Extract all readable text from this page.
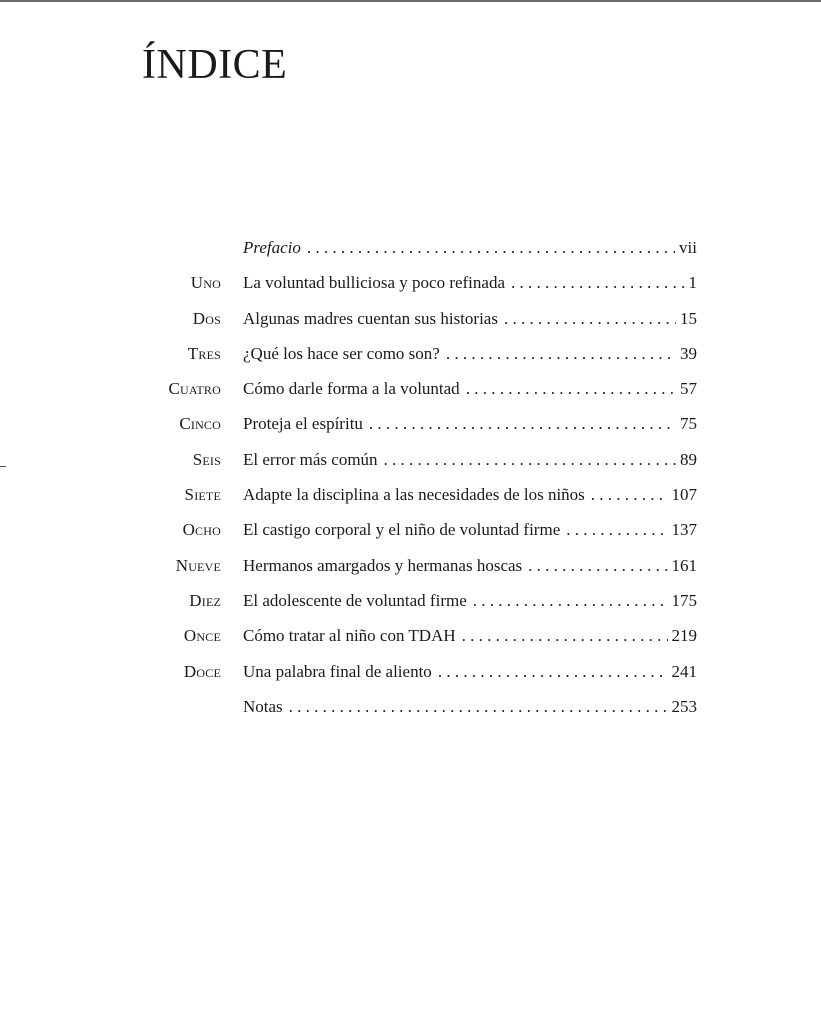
ÍNDICE
Prefacio . . .	vii
Uno La voluntad bulliciosa y poco refinada . . .	1
Dos Algunas madres cuentan sus historias . . .	15
Tres ¿Qué los hace ser como son? . . .	39
Cuatro Cómo darle forma a la voluntad . . .	57
Cinco Proteja el espíritu . . .	75
Seis El error más común . . .	89
Siete Adapte la disciplina a las necesidades de los niños . . .	107
Ocho El castigo corporal y el niño de voluntad firme . . .	137
Nueve Hermanos amargados y hermanas hoscas . . .	161
Diez El adolescente de voluntad firme . . .	175
Once Cómo tratar al niño con TDAH . . .	219
Doce Una palabra final de aliento . . .	241
Notas . . .	253
